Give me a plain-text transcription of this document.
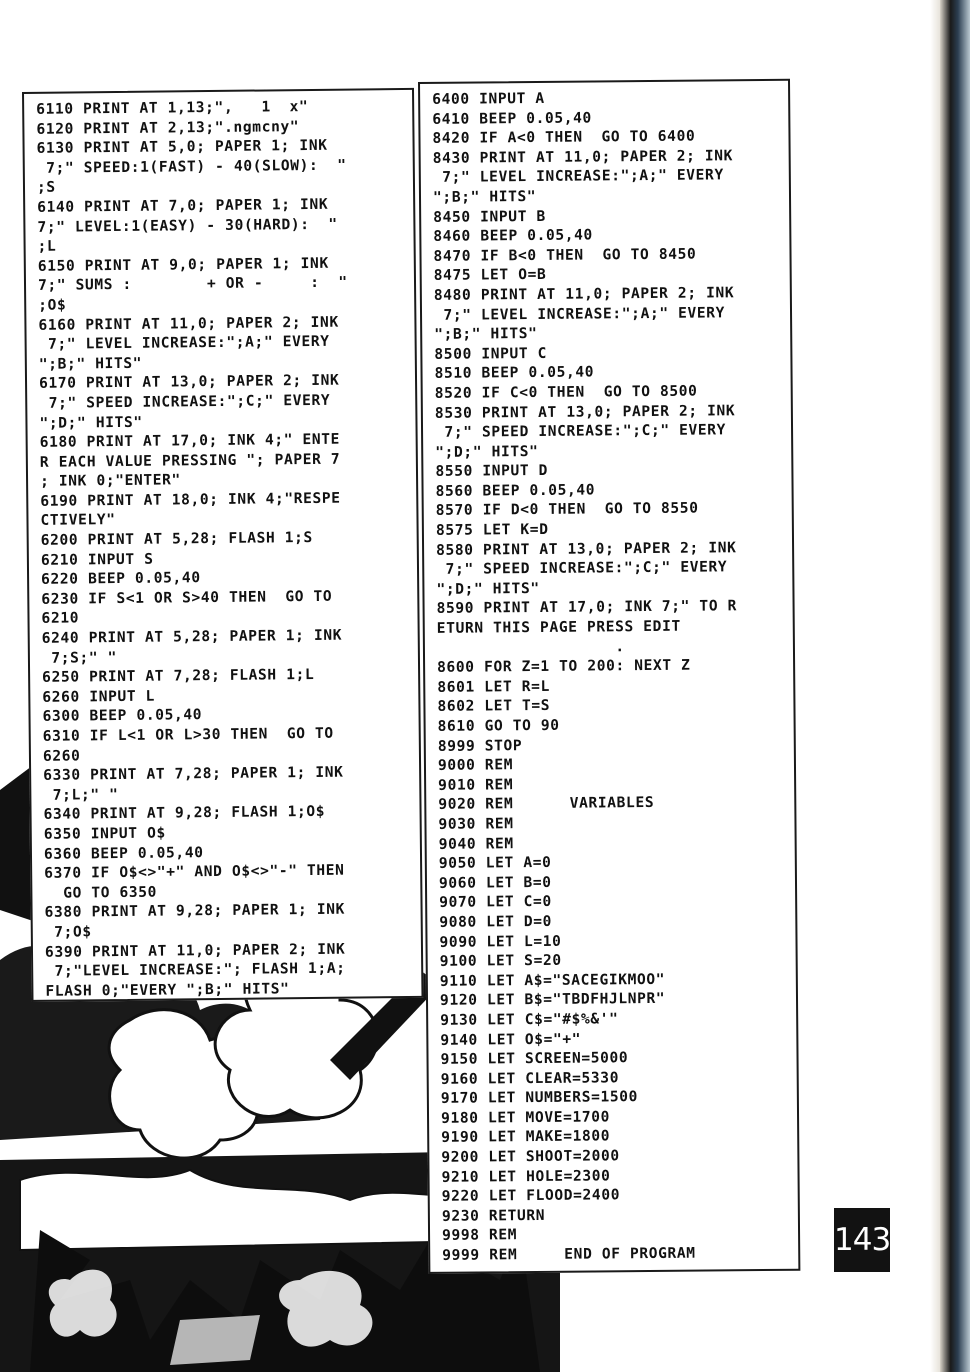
6110 PRINT AT 1,13;",   1  x"
6120 PRINT AT 2,13;".ngmcny"
6130 PRINT AT 5,0; PAPER 1; INK
7;" SPEED:1(FAST) - 40(SLOW):  "
;S
6140 PRINT AT 7,0; PAPER 1; INK
7;" LEVEL:1(EASY) - 30(HARD):  "
;L
6150 PRINT AT 9,0; PAPER 1; INK
7;" SUMS :        + OR -     :  "
;O$
6160 PRINT AT 11,0; PAPER 2; INK
7;" LEVEL INCREASE:";A;" EVERY
";B;" HITS"
6170 PRINT AT 13,0; PAPER 2; INK
7;" SPEED INCREASE:";C;" EVERY
";D;" HITS"
6180 PRINT AT 17,0; INK 4;" ENTE
R EACH VALUE PRESSING "; PAPER 7
; INK 0;"ENTER"
6190 PRINT AT 18,0; INK 4;"RESPE
CTIVELY"
6200 PRINT AT 5,28; FLASH 1;S
6210 INPUT S
6220 BEEP 0.05,40
6230 IF S<1 OR S>40 THEN  GO TO
6210
6240 PRINT AT 5,28; PAPER 1; INK
7;S;" "
6250 PRINT AT 7,28; FLASH 1;L
6260 INPUT L
6300 BEEP 0.05,40
6310 IF L<1 OR L>30 THEN  GO TO
6260
6330 PRINT AT 7,28; PAPER 1; INK
7;L;" "
6340 PRINT AT 9,28; FLASH 1;O$
6350 INPUT O$
6360 BEEP 0.05,40
6370 IF O$<>"+" AND O$<>"-" THEN
GO TO 6350
6380 PRINT AT 9,28; PAPER 1; INK
7;O$
6390 PRINT AT 11,0; PAPER 2; INK
7;"LEVEL INCREASE:"; FLASH 1;A;
FLASH 0;"EVERY ";B;" HITS"
6400 INPUT A
6410 BEEP 0.05,40
8420 IF A<0 THEN  GO TO 6400
8430 PRINT AT 11,0; PAPER 2; INK
7;" LEVEL INCREASE:";A;" EVERY
";B;" HITS"
8450 INPUT B
8460 BEEP 0.05,40
8470 IF B<0 THEN  GO TO 8450
8475 LET O=B
8480 PRINT AT 11,0; PAPER 2; INK
7;" LEVEL INCREASE:";A;" EVERY
";B;" HITS"
8500 INPUT C
8510 BEEP 0.05,40
8520 IF C<0 THEN  GO TO 8500
8530 PRINT AT 13,0; PAPER 2; INK
7;" SPEED INCREASE:";C;" EVERY
";D;" HITS"
8550 INPUT D
8560 BEEP 0.05,40
8570 IF D<0 THEN  GO TO 8550
8575 LET K=D
8580 PRINT AT 13,0; PAPER 2; INK
7;" SPEED INCREASE:";C;" EVERY
";D;" HITS"
8590 PRINT AT 17,0; INK 7;" TO R
ETURN THIS PAGE PRESS EDIT
.
8600 FOR Z=1 TO 200: NEXT Z
8601 LET R=L
8602 LET T=S
8610 GO TO 90
8999 STOP
9000 REM
9010 REM
9020 REM      VARIABLES
9030 REM
9040 REM
9050 LET A=0
9060 LET B=0
9070 LET C=0
9080 LET D=0
9090 LET L=10
9100 LET S=20
9110 LET A$="SACEGIKMOO"
9120 LET B$="TBDFHJLNPR"
9130 LET C$="#$%&'"
9140 LET O$="+"
9150 LET SCREEN=5000
9160 LET CLEAR=5330
9170 LET NUMBERS=1500
9180 LET MOVE=1700
9190 LET MAKE=1800
9200 LET SHOOT=2000
9210 LET HOLE=2300
9220 LET FLOOD=2400
9230 RETURN
9998 REM
9999 REM     END OF PROGRAM	143
